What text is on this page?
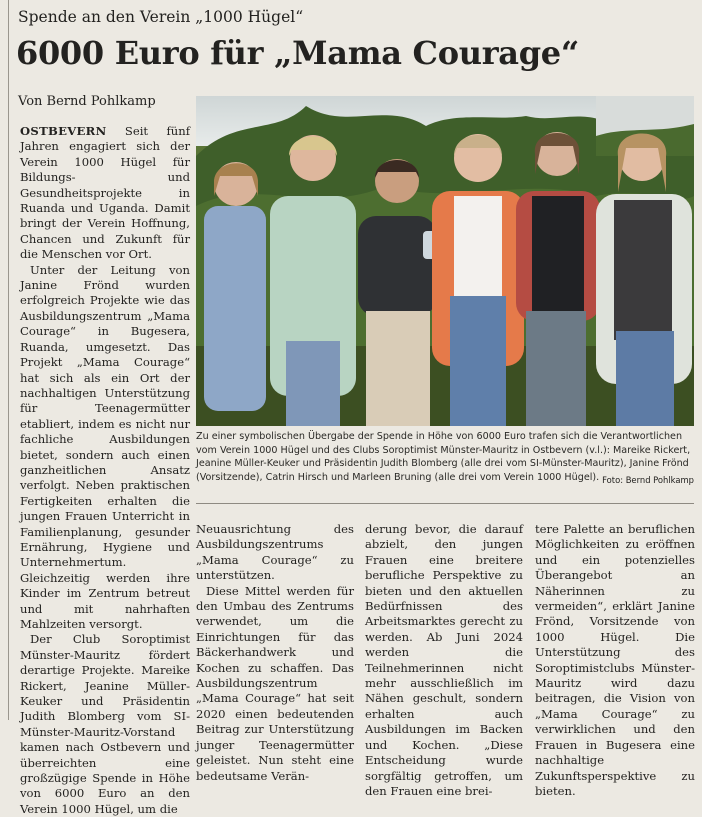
Spende an den Verein „1000 Hügel“
6000 Euro für „Mama Courage“
Von Bernd Pohlkamp

OSTBEVERN Seit fünf Jahren engagiert sich der Verein 1000 Hügel für Bildungs- und Gesundheitsprojekte in Ruanda und Uganda. Damit bringt der Verein Hoffnung, Chancen und Zukunft für die Menschen vor Ort.

Unter der Leitung von Janine Frönd wurden erfolgreich Projekte wie das Ausbildungszentrum „Mama Courage“ in Bugesera, Ruanda, umgesetzt. Das Projekt „Mama Courage“ hat sich als ein Ort der nachhaltigen Unterstützung für Teenagermütter etabliert, indem es nicht nur fachliche Ausbildungen bietet, sondern auch einen ganzheitlichen Ansatz verfolgt. Neben praktischen Fertigkeiten erhalten die jungen Frauen Unterricht in Familienplanung, gesunder Ernährung, Hygiene und Unternehmertum. Gleichzeitig werden ihre Kinder im Zentrum betreut und mit nahrhaften Mahlzeiten versorgt.

Der Club Soroptimist Münster-Mauritz fördert derartige Projekte. Mareike Rickert, Jeanine Müller-Keuker und Präsidentin Judith Blomberg vom SI-Münster-Mauritz-Vorstand kamen nach Ostbevern und überreichten eine großzügige Spende in Höhe von 6000 Euro an den Verein 1000 Hügel, um die

Zu einer symbolischen Übergabe der Spende in Höhe von 6000 Euro trafen sich die Verantwortlichen vom Verein 1000 Hügel und des Clubs Soroptimist Münster-Mauritz in Ostbevern (v.l.): Mareike Rickert, Jeanine Müller-Keuker und Präsidentin Judith Blomberg (alle drei vom SI-Münster-Mauritz), Janine Frönd (Vorsitzende), Catrin Hirsch und Marleen Bruning (alle drei vom Verein 1000 Hügel). Foto: Bernd Pohlkamp

Neuausrichtung des Ausbildungszentrums „Mama Courage“ zu unterstützen.

Diese Mittel werden für den Umbau des Zentrums verwendet, um die Einrichtungen für das Bäckerhandwerk und Kochen zu schaffen. Das Ausbildungszentrum „Mama Courage“ hat seit 2020 einen bedeutenden Beitrag zur Unterstützung junger Teenagermütter geleistet. Nun steht eine bedeutsame Verän-

derung bevor, die darauf abzielt, den jungen Frauen eine breitere berufliche Perspektive zu bieten und den aktuellen Bedürfnissen des Arbeitsmarktes gerecht zu werden. Ab Juni 2024 werden die Teilnehmerinnen nicht mehr ausschließlich im Nähen geschult, sondern erhalten auch Ausbildungen im Backen und Kochen. „Diese Entscheidung wurde sorgfältig getroffen, um den Frauen eine brei-

tere Palette an beruflichen Möglichkeiten zu eröffnen und ein potenzielles Überangebot an Näherinnen zu vermeiden“, erklärt Janine Frönd, Vorsitzende von 1000 Hügel. Die Unterstützung des Soroptimistclubs Münster-Mauritz wird dazu beitragen, die Vision von „Mama Courage“ zu verwirklichen und den Frauen in Bugesera eine nachhaltige Zukunftsperspektive zu bieten.
